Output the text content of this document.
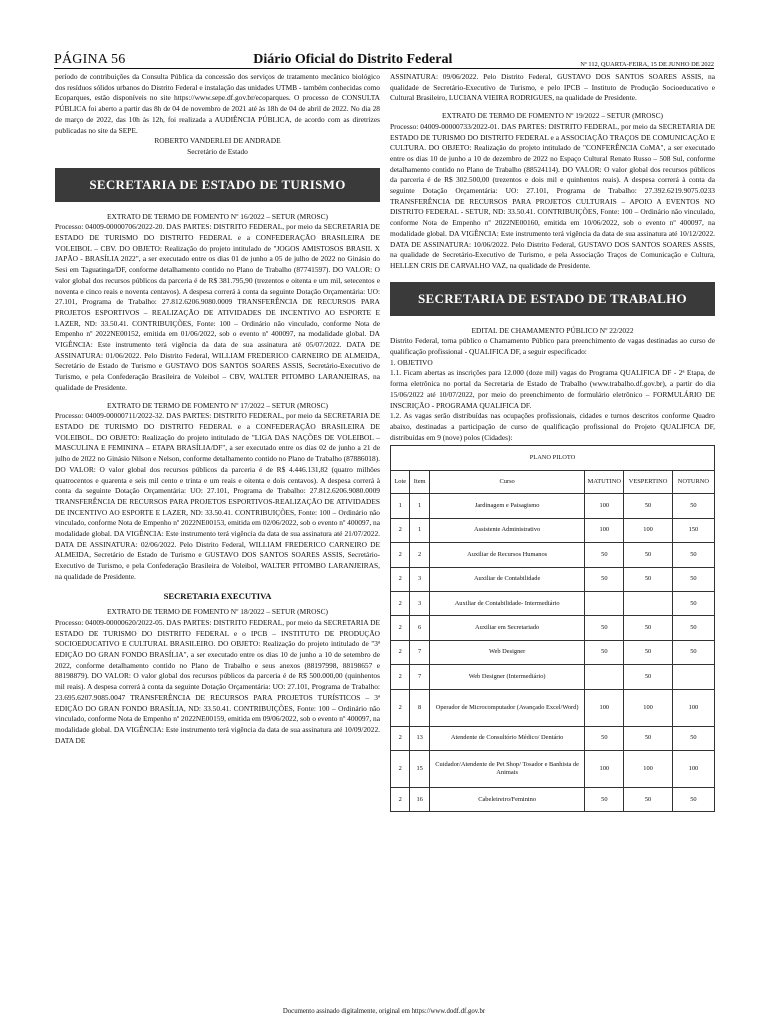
PÁGINA 56	Diário Oficial do Distrito Federal	Nº 112, QUARTA-FEIRA, 15 DE JUNHO DE 2022

período de contribuições da Consulta Pública da concessão dos serviços de tratamento mecânico biológico dos resíduos sólidos urbanos do Distrito Federal e instalação das unidades UTMB - também conhecidas como Ecoparques, estão disponíveis no site https://www.sepe.df.gov.br/ecoparques. O processo de CONSULTA PÚBLICA foi aberto a partir das 8h de 04 de novembro de 2021 até às 18h de 04 de abril de 2022. No dia 28 de março de 2022, das 10h às 12h, foi realizada a AUDIÊNCIA PÚBLICA, de acordo com as diretrizes publicadas no site da SEPE.

ROBERTO VANDERLEI DE ANDRADE

Secretário de Estado

SECRETARIA DE ESTADO DE TURISMO

EXTRATO DE TERMO DE FOMENTO Nº 16/2022 – SETUR (MROSC)

Processo: 04009-00000706/2022-20. DAS PARTES: DISTRITO FEDERAL, por meio da SECRETARIA DE ESTADO DE TURISMO DO DISTRITO FEDERAL e a CONFEDERAÇÃO BRASILEIRA DE VOLEIBOL – CBV. DO OBJETO: Realização do projeto intitulado de "JOGOS AMISTOSOS BRASIL X JAPÃO - BRASÍLIA 2022", a ser executado entre os dias 01 de junho a 05 de julho de 2022 no Ginásio do Sesi em Taguatinga/DF, conforme detalhamento contido no Plano de Trabalho (87741597). DO VALOR: O valor global dos recursos públicos da parceria é de R$ 381.795,90 (trezentos e oitenta e um mil, setecentos e noventa e cinco reais e noventa centavos). A despesa correrá à conta da seguinte Dotação Orçamentária: UO: 27.101, Programa de Trabalho: 27.812.6206.9080.0009 TRANSFERÊNCIA DE RECURSOS PARA PROJETOS ESPORTIVOS – REALIZAÇÃO DE ATIVIDADES DE INCENTIVO AO ESPORTE E LAZER, ND: 33.50.41. CONTRIBUIÇÕES, Fonte: 100 – Ordinário não vinculado, conforme Nota de Empenho nº 2022NE00152, emitida em 01/06/2022, sob o evento nº 400097, na modalidade global. DA VIGÊNCIA: Este instrumento terá vigência da data de sua assinatura até 05/07/2022. DATA DE ASSINATURA: 01/06/2022. Pelo Distrito Federal, WILLIAM FREDERICO CARNEIRO DE ALMEIDA, Secretário de Estado de Turismo e GUSTAVO DOS SANTOS SOARES ASSIS, Secretário-Executivo de Turismo, e pela Confederação Brasileira de Voleibol – CBV, WALTER PITOMBO LARANJEIRAS, na qualidade de Presidente.

EXTRATO DE TERMO DE FOMENTO Nº 17/2022 – SETUR (MROSC)

Processo: 04009-00000711/2022-32. DAS PARTES: DISTRITO FEDERAL, por meio da SECRETARIA DE ESTADO DE TURISMO DO DISTRITO FEDERAL e a CONFEDERAÇÃO BRASILEIRA DE VOLEIBOL. DO OBJETO: Realização do projeto intitulado de "LIGA DAS NAÇÕES DE VOLEIBOL – MASCULINA E FEMININA – ETAPA BRASÍLIA/DF", a ser executado entre os dias 02 de junho a 21 de julho de 2022 no Ginásio Nilson e Nelson, conforme detalhamento contido no Plano de Trabalho (87886018). DO VALOR: O valor global dos recursos públicos da parceria é de R$ 4.446.131,82 (quatro milhões quatrocentos e quarenta e seis mil cento e trinta e um reais e oitenta e dois centavos). A despesa correrá à conta da seguinte Dotação Orçamentária: UO: 27.101, Programa de Trabalho: 27.812.6206.9080.0009 TRANSFERÊNCIA DE RECURSOS PARA PROJETOS ESPORTIVOS-REALIZAÇÃO DE ATIVIDADES DE INCENTIVO AO ESPORTE E LAZER, ND: 33.50.41. CONTRIBUIÇÕES, Fonte: 100 – Ordinário não vinculado, conforme Nota de Empenho nº 2022NE00153, emitida em 02/06/2022, sob o evento nº 400097, na modalidade global. DA VIGÊNCIA: Este instrumento terá vigência da data de sua assinatura até 21/07/2022. DATA DE ASSINATURA: 02/06/2022. Pelo Distrito Federal, WILLIAM FREDERICO CARNEIRO DE ALMEIDA, Secretário de Estado de Turismo e GUSTAVO DOS SANTOS SOARES ASSIS, Secretário-Executivo de Turismo, e pela Confederação Brasileira de Voleibol, WALTER PITOMBO LARANJEIRAS, na qualidade de Presidente.

SECRETARIA EXECUTIVA

EXTRATO DE TERMO DE FOMENTO Nº 18/2022 – SETUR (MROSC)

Processo: 04009-00000620/2022-05. DAS PARTES: DISTRITO FEDERAL, por meio da SECRETARIA DE ESTADO DE TURISMO DO DISTRITO FEDERAL e o IPCB – INSTITUTO DE PRODUÇÃO SOCIOEDUCATIVO E CULTURAL BRASILEIRO. DO OBJETO: Realização do projeto intitulado de "3ª EDIÇÃO DO GRAN FONDO BRASÍLIA", a ser executado entre os dias 10 de junho a 10 de setembro de 2022, conforme detalhamento contido no Plano de Trabalho e seus anexos (88197998, 88198657 e 88198879). DO VALOR: O valor global dos recursos públicos da parceria é de R$ 500.000,00 (quinhentos mil reais). A despesa correrá à conta da seguinte Dotação Orçamentária: UO: 27.101, Programa de Trabalho: 23.695.6207.9085.0047 TRANSFERÊNCIA DE RECURSOS PARA PROJETOS TURÍSTICOS – 3ª EDIÇÃO DO GRAN FONDO BRASÍLIA, ND: 33.50.41. CONTRIBUIÇÕES, Fonte: 100 – Ordinário não vinculado, conforme Nota de Empenho nº 2022NE00159, emitida em 09/06/2022, sob o evento nº 400097, na modalidade global. DA VIGÊNCIA: Este instrumento terá vigência da data de sua assinatura até 10/09/2022. DATA DE

ASSINATURA: 09/06/2022. Pelo Distrito Federal, GUSTAVO DOS SANTOS SOARES ASSIS, na qualidade de Secretário-Executivo de Turismo, e pelo IPCB – Instituto de Produção Socioeducativo e Cultural Brasileiro, LUCIANA VIEIRA RODRIGUES, na qualidade de Presidente.

EXTRATO DE TERMO DE FOMENTO Nº 19/2022 – SETUR (MROSC)

Processo: 04009-00000733/2022-01. DAS PARTES: DISTRITO FEDERAL, por meio da SECRETARIA DE ESTADO DE TURISMO DO DISTRITO FEDERAL e a ASSOCIAÇÃO TRAÇOS DE COMUNICAÇÃO E CULTURA. DO OBJETO: Realização do projeto intitulado de "CONFERÊNCIA CoMA", a ser executado entre os dias 10 de junho a 10 de dezembro de 2022 no Espaço Cultural Renato Russo – 508 Sul, conforme detalhamento contido no Plano de Trabalho (88524114). DO VALOR: O valor global dos recursos públicos da parceria é de R$ 302.500,00 (trezentos e dois mil e quinhentos reais). A despesa correrá à conta da seguinte Dotação Orçamentária: UO: 27.101, Programa de Trabalho: 27.392.6219.9075.0233 TRANSFERÊNCIA DE RECURSOS PARA PROJETOS CULTURAIS – APOIO A EVENTOS NO DISTRITO FEDERAL - SETUR, ND: 33.50.41. CONTRIBUIÇÕES, Fonte: 100 – Ordinário não vinculado, conforme Nota de Empenho nº 2022NE00160, emitida em 10/06/2022, sob o evento nº 400097, na modalidade global. DA VIGÊNCIA: Este instrumento terá vigência da data de sua assinatura até 10/12/2022. DATA DE ASSINATURA: 10/06/2022. Pelo Distrito Federal, GUSTAVO DOS SANTOS SOARES ASSIS, na qualidade de Secretário-Executivo de Turismo, e pela Associação Traços de Comunicação e Cultura, HELLEN CRIS DE CARVALHO VAZ, na qualidade de Presidente.

SECRETARIA DE ESTADO DE TRABALHO

EDITAL DE CHAMAMENTO PÚBLICO Nº 22/2022

Distrito Federal, torna público o Chamamento Público para preenchimento de vagas destinadas ao curso de qualificação profissional - QUALIFICA DF, a seguir especificado:

1. OBJETIVO

1.1. Ficam abertas as inscrições para 12.000 (doze mil) vagas do Programa QUALIFICA DF - 2ª Etapa, de forma eletrônica no portal da Secretaria de Estado de Trabalho (www.trabalho.df.gov.br), a partir do dia 15/06/2022 até 10/07/2022, por meio do preenchimento de formulário eletrônico – FORMULÁRIO DE INSCRIÇÃO - PROGRAMA QUALIFICA DF.

1.2. As vagas serão distribuídas nas ocupações profissionais, cidades e turnos descritos conforme Quadro abaixo, destinadas a participação de curso de qualificação profissional do Projeto QUALIFICA DF, distribuídas em 9 (nove) polos (Cidades):

PLANO PILOTO					
Lote	Item	Curso	MATUTINO	VESPERTINO	NOTURNO
1	1	Jardinagem e Paisagismo	100	50	50
2	1	Assistente Administrativo	100	100	150
2	2	Auxiliar de Recursos Humanos	50	50	50
2	3	Auxiliar de Contabilidade	50	50	50
2	3	Auxiliar de Contabilidade- Intermediário			50
2	6	Auxiliar em Secretariado	50	50	50
2	7	Web Designer	50	50	50
2	7	Web Designer (Intermediário)		50	
2	8	Operador de Microcomputador (Avançado Excel/Word)	100	100	100
2	13	Atendente de Consultório Médico/ Dentário	50	50	50
2	15	Cuidador/Atendente de Pet Shop/ Tosador e Banhista de Animais	100	100	100
2	16	Cabeleireiro/Feminino	50	50	50
Documento assinado digitalmente, original em https://www.dodf.df.gov.br
